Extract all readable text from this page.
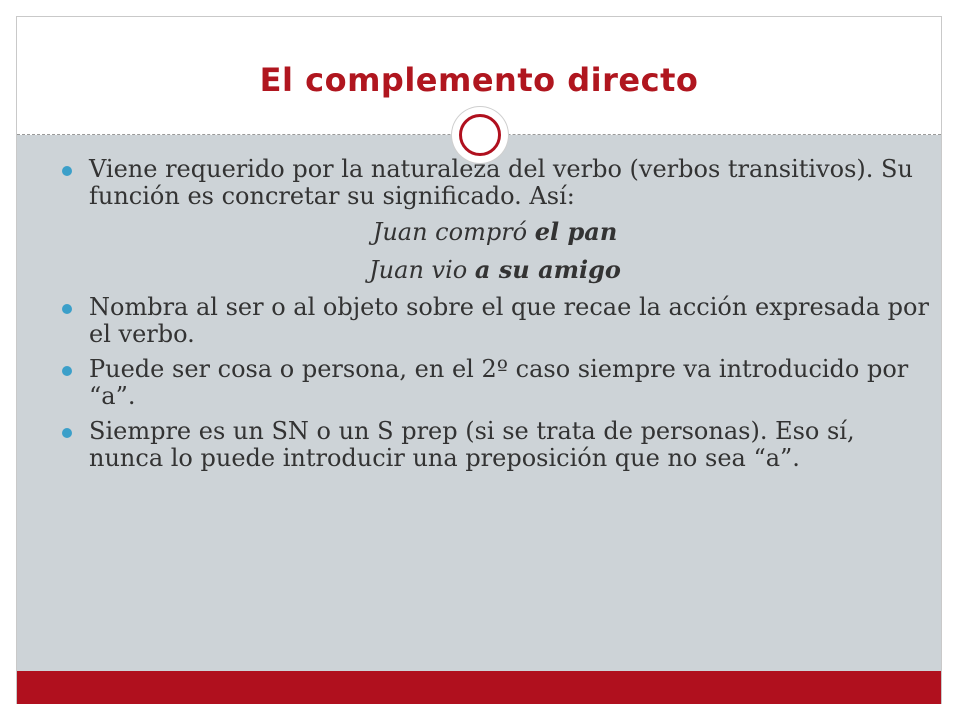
El complemento directo
Viene requerido por la naturaleza del verbo (verbos transitivos). Su función es concretar su significado. Así:
Juan compró el pan
Juan vio a su amigo
Nombra al ser o al objeto sobre el que recae la acción expresada por el verbo.
Puede ser cosa o persona, en el 2º caso siempre va introducido por “a”.
Siempre es un SN o un S prep (si se trata de personas). Eso sí, nunca lo puede introducir una preposición que no sea “a”.
